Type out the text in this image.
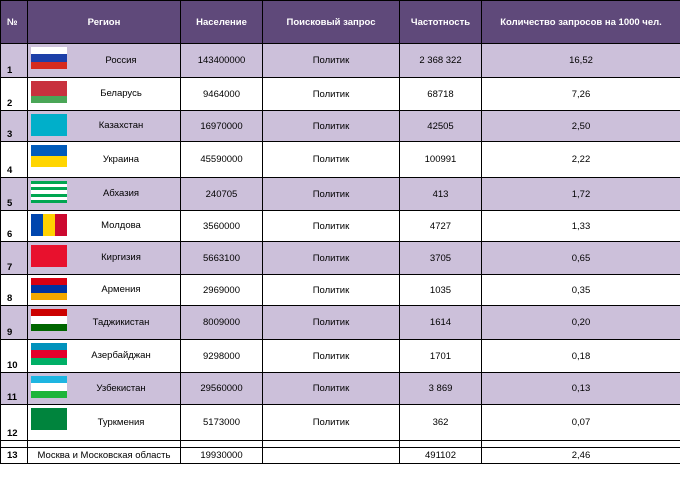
№	Регион	Население	Поисковый запрос	Частотность	Количество запросов на 1000 чел.
1	Россия	143400000	Политик	2 368 322	16,52
2	Беларусь	9464000	Политик	68718	7,26
3	Казахстан	16970000	Политик	42505	2,50
4	Украина	45590000	Политик	100991	2,22
5	Абхазия	240705	Политик	413	1,72
6	Молдова	3560000	Политик	4727	1,33
7	Киргизия	5663100	Политик	3705	0,65
8	Армения	2969000	Политик	1035	0,35
9	Таджикистан	8009000	Политик	1614	0,20
10	Азербайджан	9298000	Политик	1701	0,18
11	Узбекистан	29560000	Политик	3 869	0,13
12	Туркмения	5173000	Политик	362	0,07

13	Москва и Московская область	19930000		491102	2,46
